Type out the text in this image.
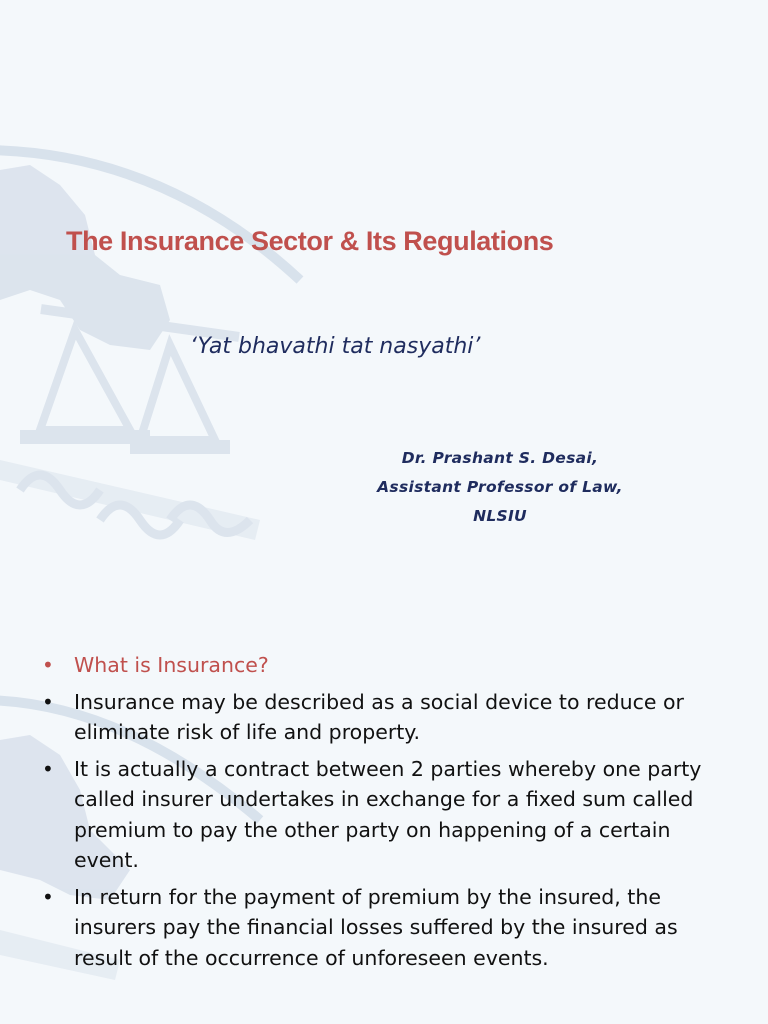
The Insurance Sector & Its Regulations

‘Yat bhavathi tat nasyathi’

Dr. Prashant S. Desai,
Assistant Professor of Law,
NLSIU
• What is Insurance?
• Insurance may be described as a social device to reduce or eliminate risk of life and property.
• It is actually a contract between 2 parties whereby one party called insurer undertakes in exchange for a fixed sum called premium to pay the other party on happening of a certain event.
• In return for the payment of premium by the insured, the insurers pay the financial losses suffered by the insured as result of the occurrence of unforeseen events.
